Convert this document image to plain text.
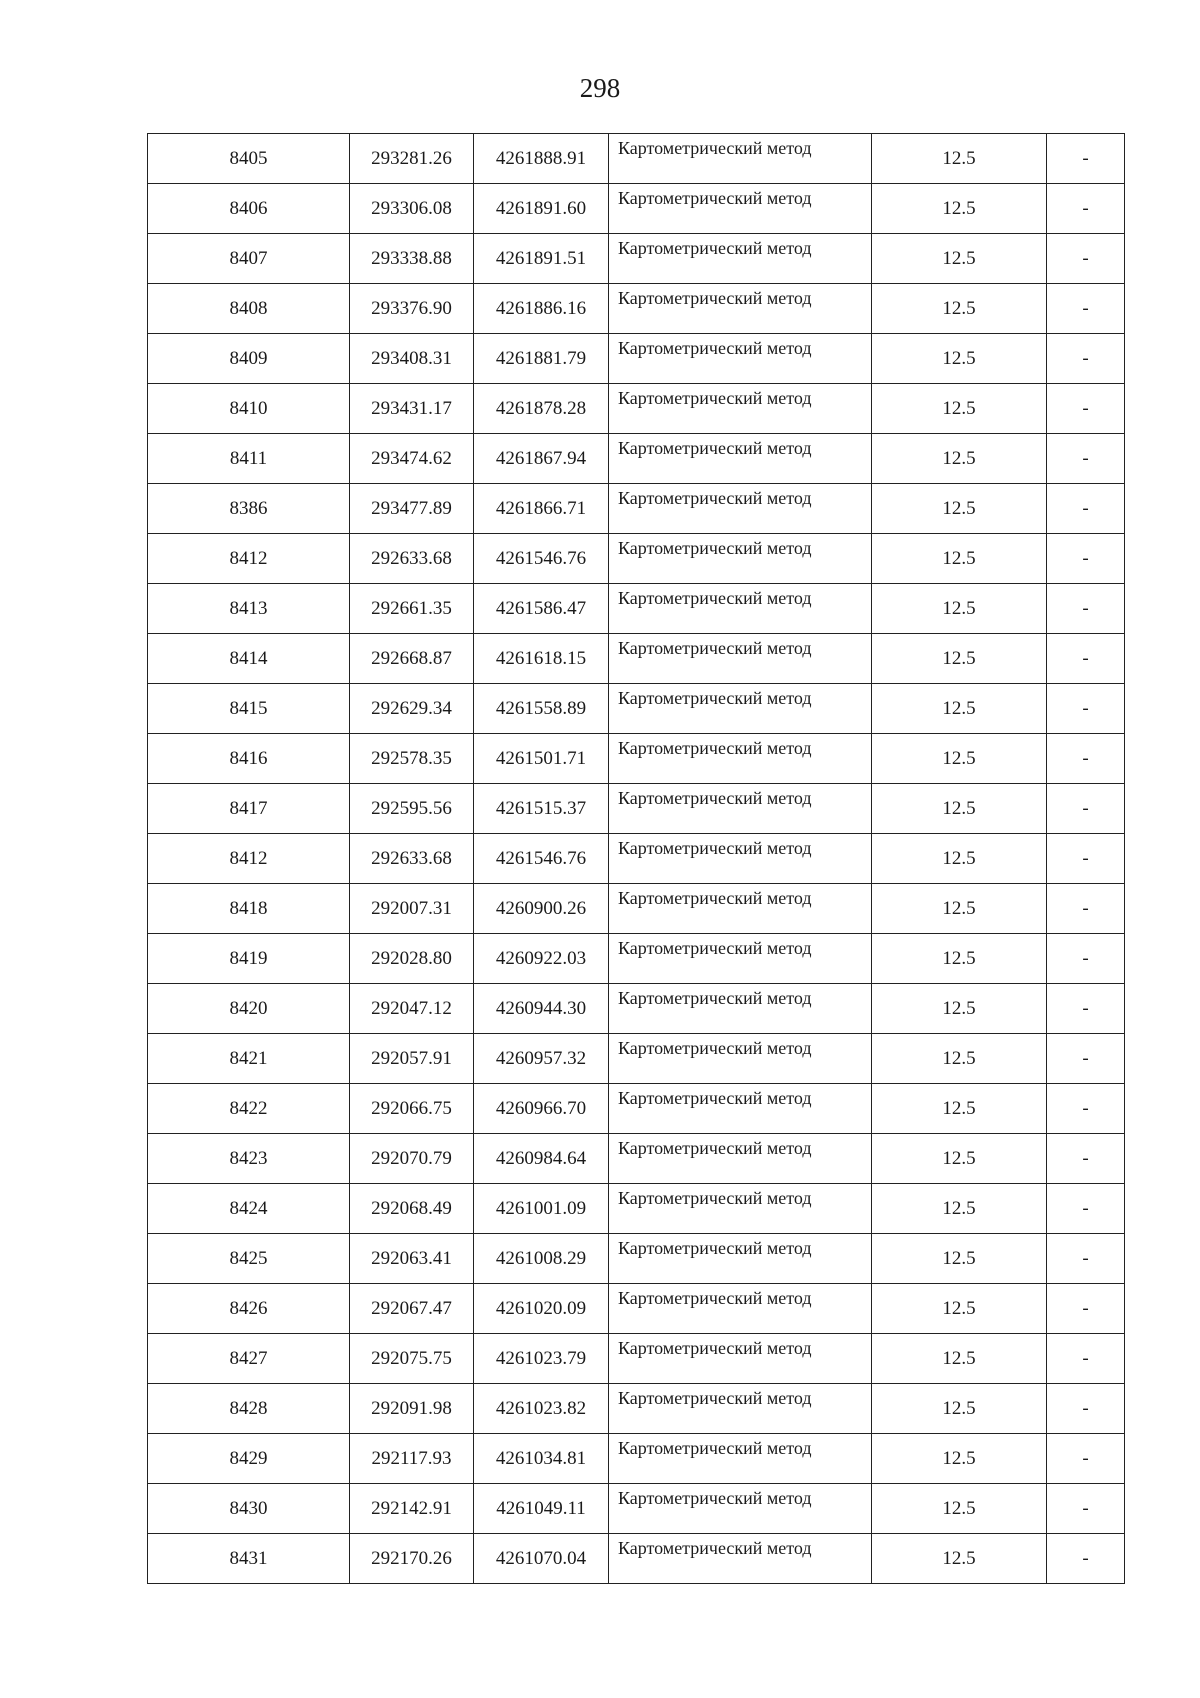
298
8405	293281.26	4261888.91	Картометрический метод	12.5	-
8406	293306.08	4261891.60	Картометрический метод	12.5	-
8407	293338.88	4261891.51	Картометрический метод	12.5	-
8408	293376.90	4261886.16	Картометрический метод	12.5	-
8409	293408.31	4261881.79	Картометрический метод	12.5	-
8410	293431.17	4261878.28	Картометрический метод	12.5	-
8411	293474.62	4261867.94	Картометрический метод	12.5	-
8386	293477.89	4261866.71	Картометрический метод	12.5	-
8412	292633.68	4261546.76	Картометрический метод	12.5	-
8413	292661.35	4261586.47	Картометрический метод	12.5	-
8414	292668.87	4261618.15	Картометрический метод	12.5	-
8415	292629.34	4261558.89	Картометрический метод	12.5	-
8416	292578.35	4261501.71	Картометрический метод	12.5	-
8417	292595.56	4261515.37	Картометрический метод	12.5	-
8412	292633.68	4261546.76	Картометрический метод	12.5	-
8418	292007.31	4260900.26	Картометрический метод	12.5	-
8419	292028.80	4260922.03	Картометрический метод	12.5	-
8420	292047.12	4260944.30	Картометрический метод	12.5	-
8421	292057.91	4260957.32	Картометрический метод	12.5	-
8422	292066.75	4260966.70	Картометрический метод	12.5	-
8423	292070.79	4260984.64	Картометрический метод	12.5	-
8424	292068.49	4261001.09	Картометрический метод	12.5	-
8425	292063.41	4261008.29	Картометрический метод	12.5	-
8426	292067.47	4261020.09	Картометрический метод	12.5	-
8427	292075.75	4261023.79	Картометрический метод	12.5	-
8428	292091.98	4261023.82	Картометрический метод	12.5	-
8429	292117.93	4261034.81	Картометрический метод	12.5	-
8430	292142.91	4261049.11	Картометрический метод	12.5	-
8431	292170.26	4261070.04	Картометрический метод	12.5	-
